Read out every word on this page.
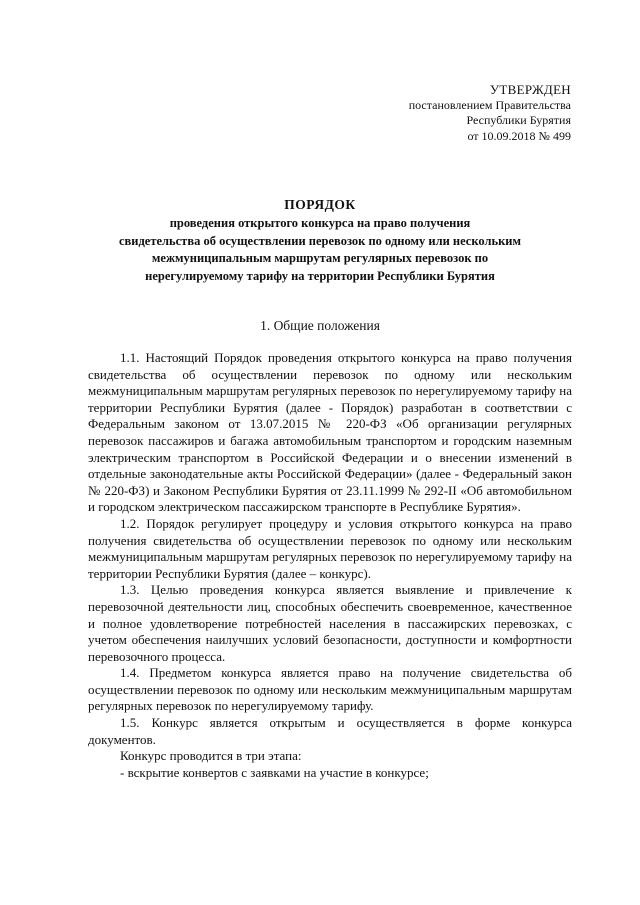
УТВЕРЖДЕН
постановлением Правительства
Республики Бурятия
от 10.09.2018 № 499
ПОРЯДОК
проведения открытого конкурса на право получения
свидетельства об осуществлении перевозок по одному или нескольким
межмуниципальным маршрутам регулярных перевозок по
нерегулируемому тарифу на территории Республики Бурятия
1. Общие положения

1.1. Настоящий Порядок проведения открытого конкурса на право получения свидетельства об осуществлении перевозок по одному или нескольким межмуниципальным маршрутам регулярных перевозок по нерегулируемому тарифу на территории Республики Бурятия (далее - Порядок) разработан в соответствии с Федеральным законом от 13.07.2015 № 220-ФЗ «Об организации регулярных перевозок пассажиров и багажа автомобильным транспортом и городским наземным электрическим транспортом в Российской Федерации и о внесении изменений в отдельные законодательные акты Российской Федерации» (далее - Федеральный закон № 220-ФЗ) и Законом Республики Бурятия от 23.11.1999 № 292-II «Об автомобильном и городском электрическом пассажирском транспорте в Республике Бурятия».

1.2. Порядок регулирует процедуру и условия открытого конкурса на право получения свидетельства об осуществлении перевозок по одному или нескольким межмуниципальным маршрутам регулярных перевозок по нерегулируемому тарифу на территории Республики Бурятия (далее – конкурс).

1.3. Целью проведения конкурса является выявление и привлечение к перевозочной деятельности лиц, способных обеспечить своевременное, качественное и полное удовлетворение потребностей населения в пассажирских перевозках, с учетом обеспечения наилучших условий безопасности, доступности и комфортности перевозочного процесса.

1.4. Предметом конкурса является право на получение свидетельства об осуществлении перевозок по одному или нескольким межмуниципальным маршрутам регулярных перевозок по нерегулируемому тарифу.

1.5. Конкурс является открытым и осуществляется в форме конкурса документов.

Конкурс проводится в три этапа:

- вскрытие конвертов с заявками на участие в конкурсе;
